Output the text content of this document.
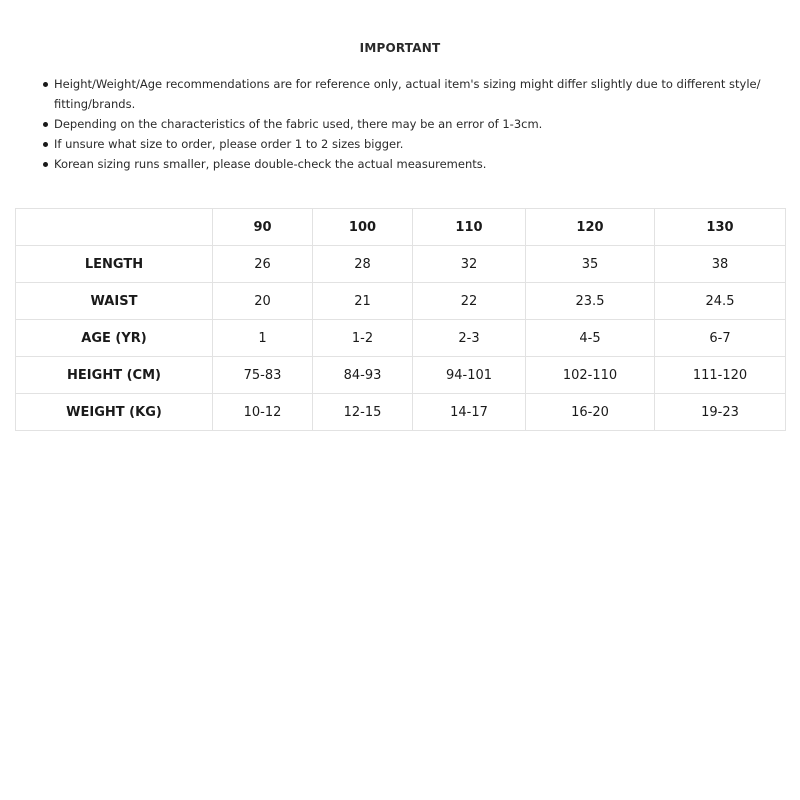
IMPORTANT
Height/Weight/Age recommendations are for reference only, actual item's sizing might differ slightly due to different style/
fitting/brands.
Depending on the characteristics of the fabric used, there may be an error of 1-3cm.
If unsure what size to order, please order 1 to 2 sizes bigger.
Korean sizing runs smaller, please double-check the actual measurements.
	90	100	110	120	130
LENGTH	26	28	32	35	38
WAIST	20	21	22	23.5	24.5
AGE (YR)	1	1-2	2-3	4-5	6-7
HEIGHT (CM)	75-83	84-93	94-101	102-110	111-120
WEIGHT (KG)	10-12	12-15	14-17	16-20	19-23
